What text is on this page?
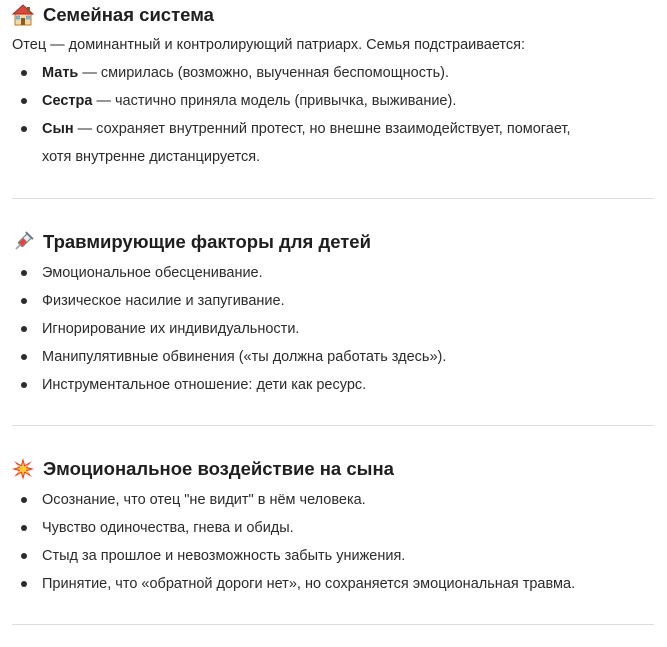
Семейная система

Отец — доминантный и контролирующий патриарх. Семья подстраивается:

Мать — смирилась (возможно, выученная беспомощность).
Сестра — частично приняла модель (привычка, выживание).
Сын — сохраняет внутренний протест, но внешне взаимодействует, помогает,
хотя внутренне дистанцируется.
Травмирующие факторы для детей
Эмоциональное обесценивание.
Физическое насилие и запугивание.
Игнорирование их индивидуальности.
Манипулятивные обвинения («ты должна работать здесь»).
Инструментальное отношение: дети как ресурс.
Эмоциональное воздействие на сына
Осознание, что отец "не видит" в нём человека.
Чувство одиночества, гнева и обиды.
Стыд за прошлое и невозможность забыть унижения.
Принятие, что «обратной дороги нет», но сохраняется эмоциональная травма.
